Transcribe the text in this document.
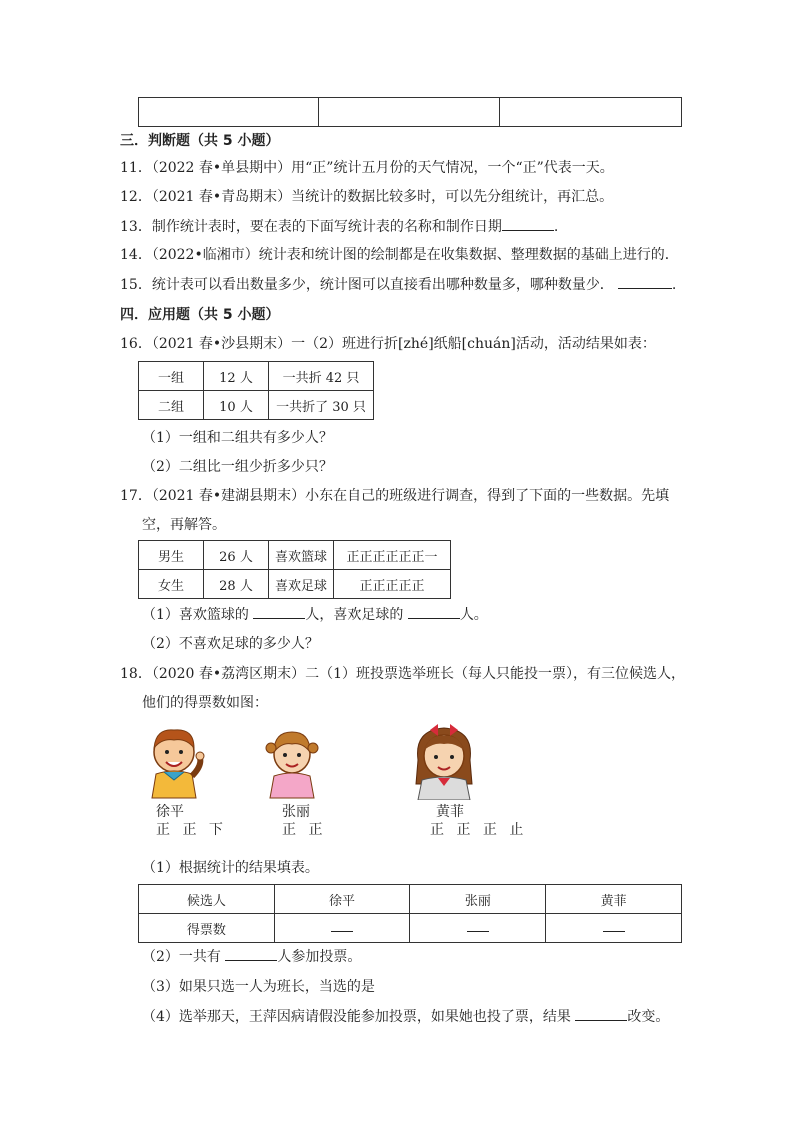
三．判断题（共 5 小题）
11．（2022 春•单县期中）用“正”统计五月份的天气情况，一个“正”代表一天。
12．（2021 春•青岛期末）当统计的数据比较多时，可以先分组统计，再汇总。
13．制作统计表时，要在表的下面写统计表的名称和制作日期	.
14．（2022•临湘市）统计表和统计图的绘制都是在收集数据、整理数据的基础上进行的．
15．统计表可以看出数量多少，统计图可以直接看出哪种数量多，哪种数量少．	.
四．应用题（共 5 小题）
16．（2021 春•沙县期末）一（2）班进行折[zhé]纸船[chuán]活动，活动结果如表：
一组	12 人	一共折 42 只
二组	10 人	一共折了 30 只
（1）一组和二组共有多少人？
（2）二组比一组少折多少只？
17．（2021 春•建湖县期末）小东在自己的班级进行调查，得到了下面的一些数据。先填
空，再解答。
男生	26 人	喜欢篮球	正正正正正正一
女生	28 人	喜欢足球	正正正正正
（1）喜欢篮球的	人，喜欢足球的	人。
（2）不喜欢足球的多少人？
18．（2020 春•荔湾区期末）二（1）班投票选举班长（每人只能投一票），有三位候选人，
他们的得票数如图：
徐平
正 正 下
张丽
正 正
黄菲
正 正 正 止
（1）根据统计的结果填表。
候选人	徐平	张丽	黄菲
得票数			
（2）一共有	人参加投票。
（3）如果只选一人为班长，当选的是
（4）选举那天，王萍因病请假没能参加投票，如果她也投了票，结果	改变。
